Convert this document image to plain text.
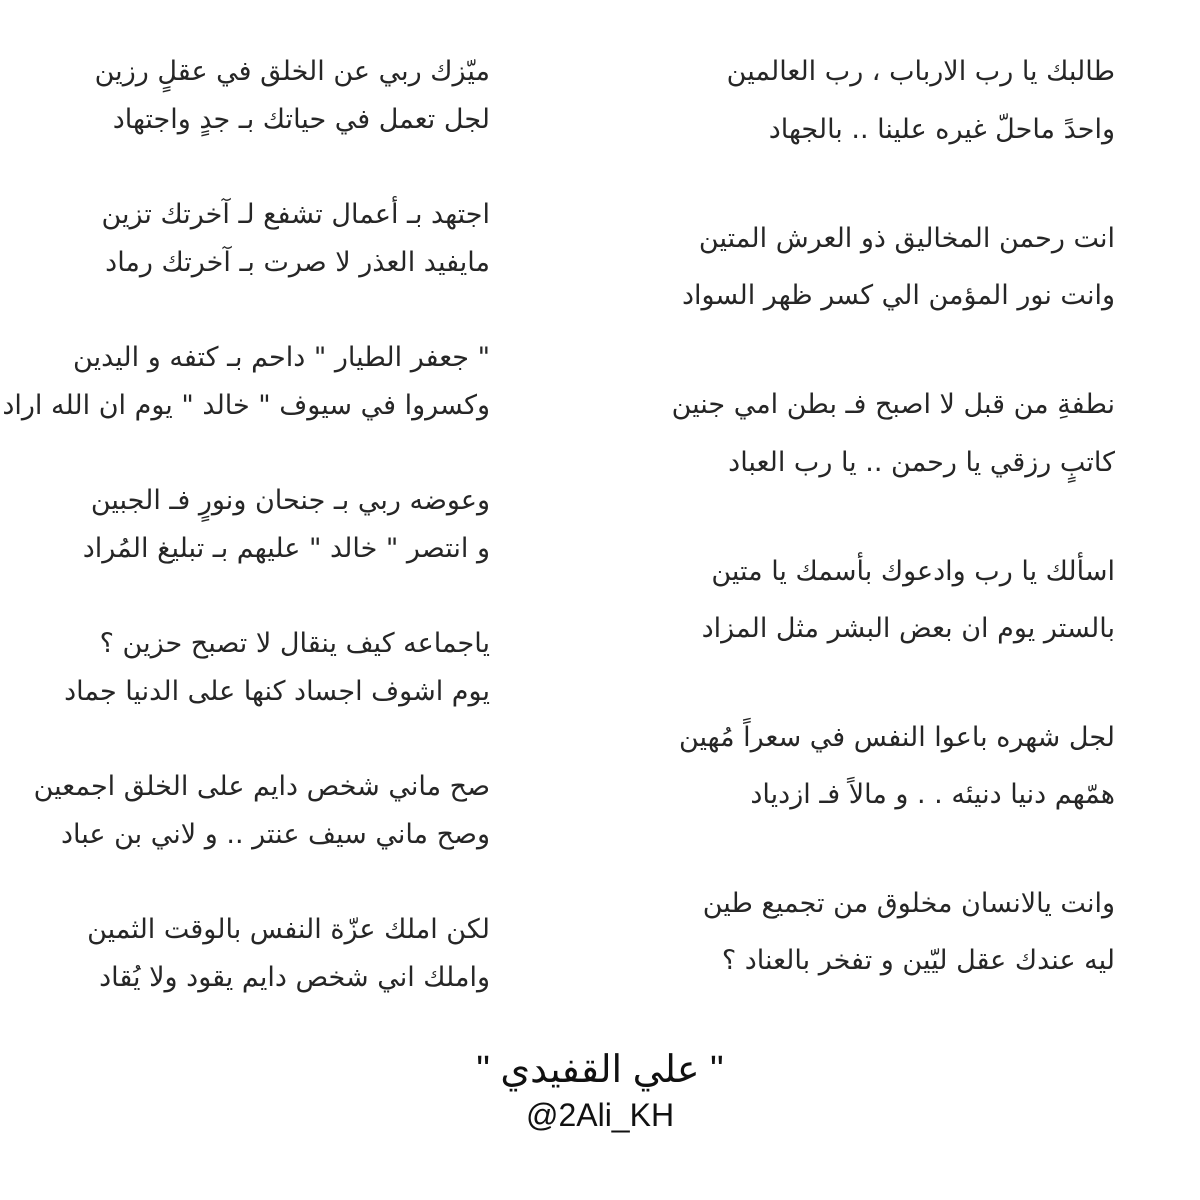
طالبك يا رب الارباب ، رب العالمين
واحدً ماحلّ غيره علينا .. بالجهاد
انت رحمن المخاليق ذو العرش المتين
وانت نور المؤمن الي كسر ظهر السواد
نطفةِ من قبل لا اصبح فـ بطن امي جنين
كاتبٍ رزقي يا رحمن .. يا رب العباد
اسألك يا رب وادعوك بأسمك يا متين
بالستر يوم ان بعض البشر مثل المزاد
لجل شهره باعوا النفس في سعراً مُهين
همّهم دنيا دنيئه . . و مالاً فـ ازدياد
وانت يالانسان مخلوق من تجميع طين
ليه عندك عقل ليّين و تفخر بالعناد ؟
ميّزك ربي عن الخلق في عقلٍ رزين
لجل تعمل في حياتك بـ جدٍ واجتهاد
اجتهد بـ أعمال تشفع لـ آخرتك تزين
مايفيد العذر لا صرت بـ آخرتك رماد
" جعفر الطيار " داحم بـ كتفه و اليدين
وكسروا في سيوف " خالد " يوم ان الله اراد
وعوضه ربي بـ جنحان ونورٍ فـ الجبين
و انتصر " خالد " عليهم بـ تبليغ المُراد
ياجماعه كيف ينقال لا تصبح حزين ؟
يوم اشوف اجساد كنها على الدنيا جماد
صح ماني شخص دايم على الخلق اجمعين
وصح ماني سيف عنتر .. و لاني بن عباد
لكن املك عزّة النفس بالوقت الثمين
واملك اني شخص دايم يقود ولا يُقاد
" علي القفيدي "
@2Ali_KH
